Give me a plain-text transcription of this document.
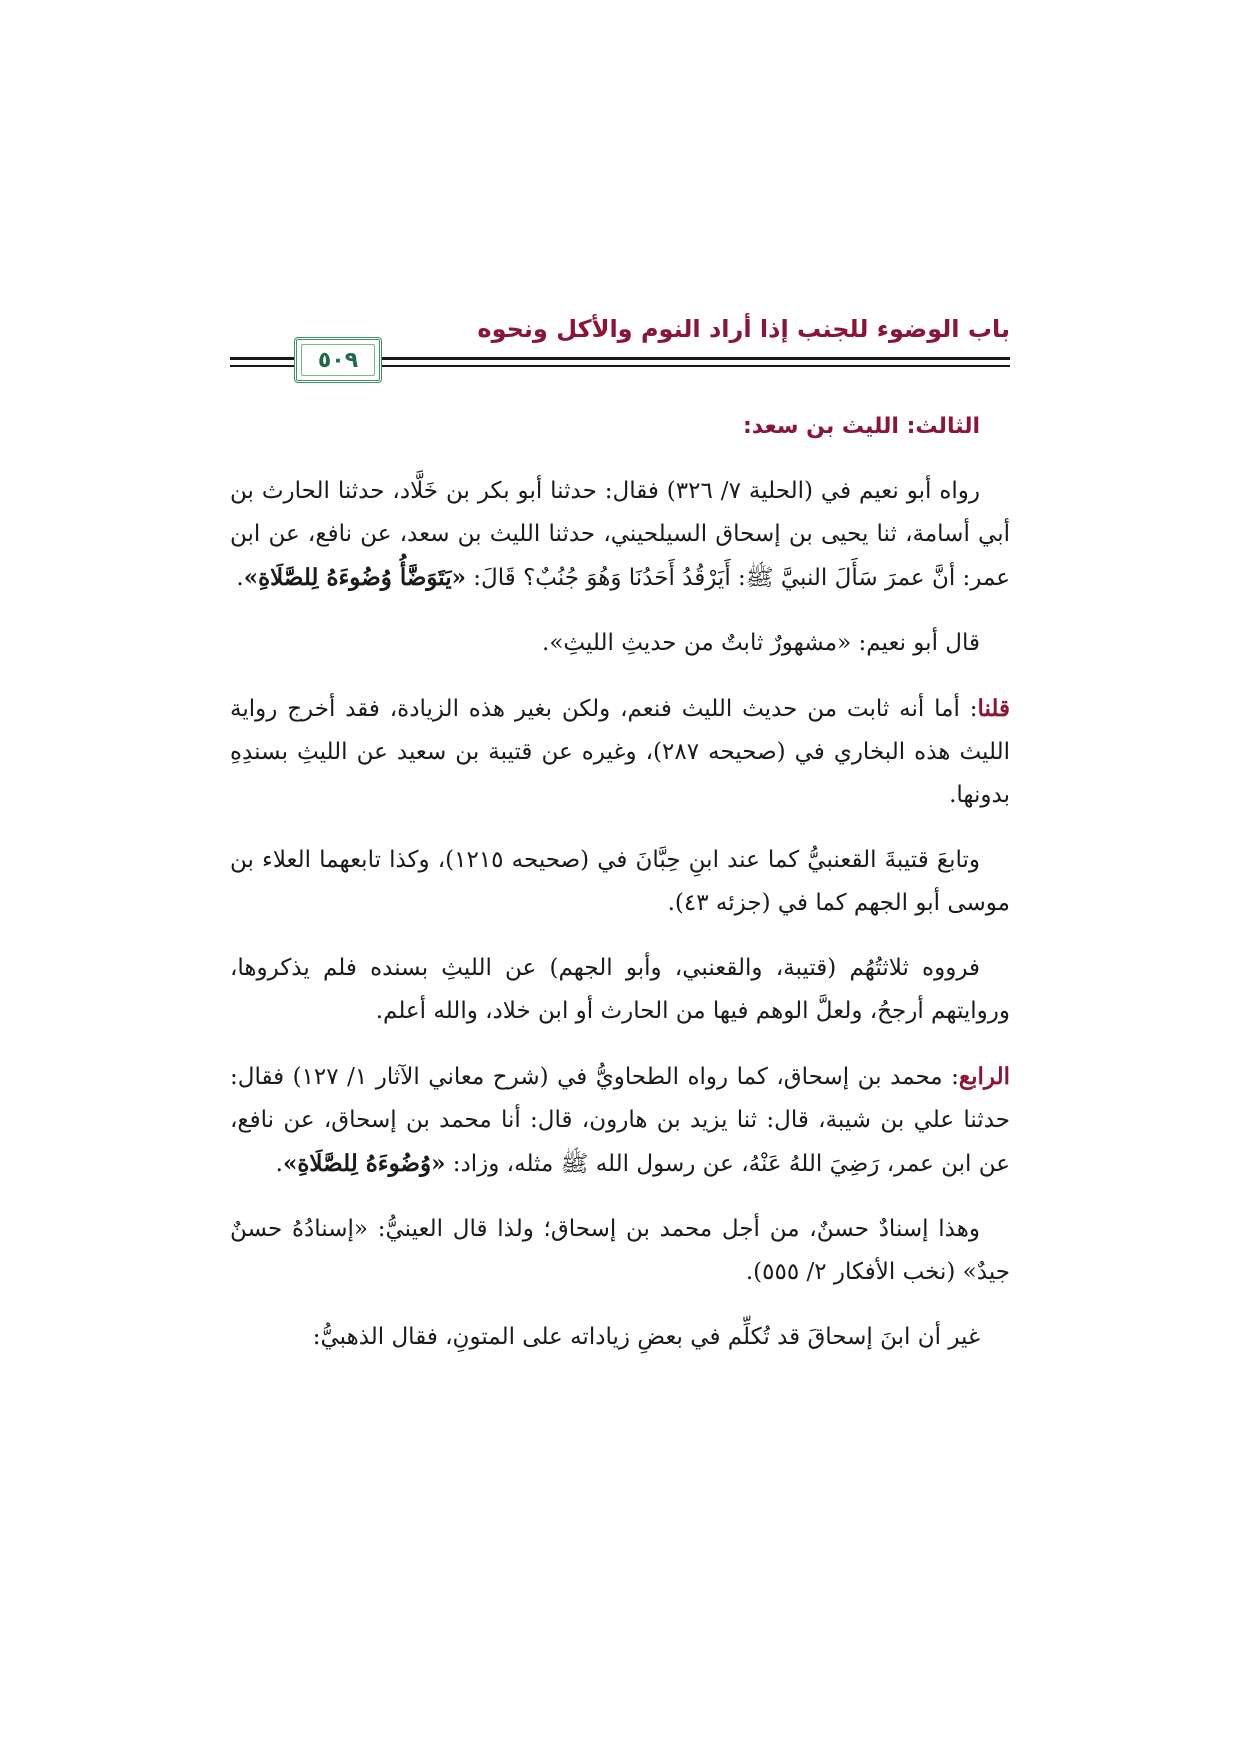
باب الوضوء للجنب إذا أراد النوم والأكل ونحوه
٥٠٩

الثالث: الليث بن سعد:

رواه أبو نعيم في (الحلية ٧/ ٣٢٦) فقال: حدثنا أبو بكر بن خَلَّاد، حدثنا الحارث بن أبي أسامة، ثنا يحيى بن إسحاق السيلحيني، حدثنا الليث بن سعد، عن نافع، عن ابن عمر: أنَّ عمرَ سَأَلَ النبيَّ ﷺ: أَيَرْقُدُ أَحَدُنَا وَهُوَ جُنُبٌ؟ قَالَ: «يَتَوَضَّأُ وُضُوءَهُ لِلصَّلَاةِ».

قال أبو نعيم: «مشهورٌ ثابتٌ من حديثِ الليثِ».

قلنا: أما أنه ثابت من حديث الليث فنعم، ولكن بغير هذه الزيادة، فقد أخرج رواية الليث هذه البخاري في (صحيحه ٢٨٧)، وغيره عن قتيبة بن سعيد عن الليثِ بسندِهِ بدونها.

وتابعَ قتيبةَ القعنبيُّ كما عند ابنِ حِبَّانَ في (صحيحه ١٢١٥)، وكذا تابعهما العلاء بن موسى أبو الجهم كما في (جزئه ٤٣).

فرووه ثلاثتُهُم (قتيبة، والقعنبي، وأبو الجهم) عن الليثِ بسنده فلم يذكروها، وروايتهم أرجحُ، ولعلَّ الوهم فيها من الحارث أو ابن خلاد، والله أعلم.

الرابع: محمد بن إسحاق، كما رواه الطحاويُّ في (شرح معاني الآثار ١/ ١٢٧) فقال: حدثنا علي بن شيبة، قال: ثنا يزيد بن هارون، قال: أنا محمد بن إسحاق، عن نافع، عن ابن عمر، رَضِيَ اللهُ عَنْهُ، عن رسول الله ﷺ مثله، وزاد: «وُضُوءَهُ لِلصَّلَاةِ».

وهذا إسنادٌ حسنٌ، من أجل محمد بن إسحاق؛ ولذا قال العينيُّ: «إسنادُهُ حسنٌ جيدٌ» (نخب الأفكار ٢/ ٥٥٥).

غير أن ابنَ إسحاقَ قد تُكلِّم في بعضِ زياداته على المتونِ، فقال الذهبيُّ:
